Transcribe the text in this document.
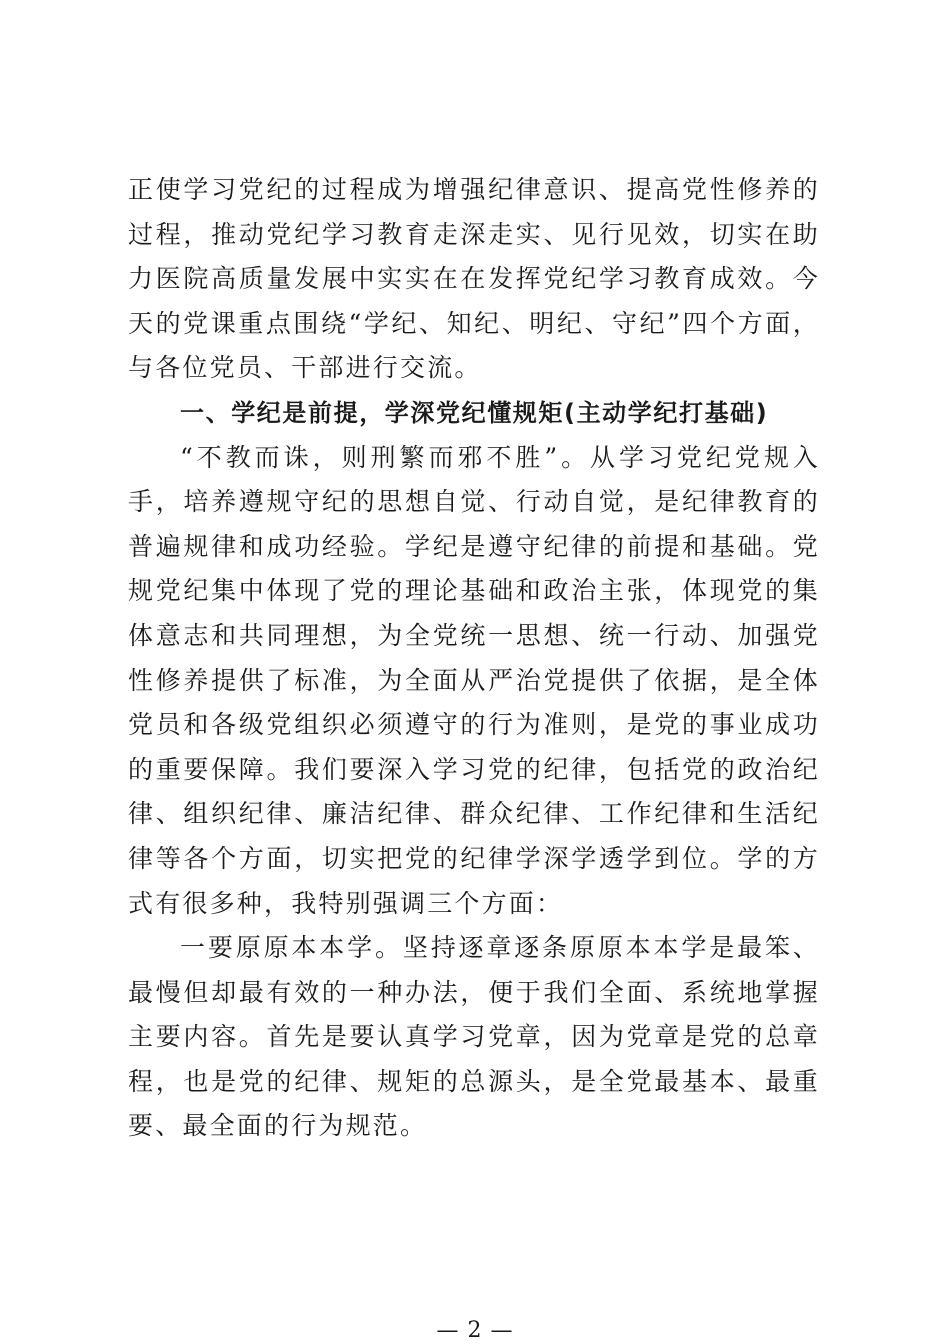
正使学习党纪的过程成为增强纪律意识、提高党性修养的过程，推动党纪学习教育走深走实、见行见效，切实在助力医院高质量发展中实实在在发挥党纪学习教育成效。今天的党课重点围绕“学纪、知纪、明纪、守纪”四个方面，与各位党员、干部进行交流。

一、学纪是前提，学深党纪懂规矩(主动学纪打基础)

“不教而诛，则刑繁而邪不胜”。从学习党纪党规入手，培养遵规守纪的思想自觉、行动自觉，是纪律教育的普遍规律和成功经验。学纪是遵守纪律的前提和基础。党规党纪集中体现了党的理论基础和政治主张，体现党的集体意志和共同理想，为全党统一思想、统一行动、加强党性修养提供了标准，为全面从严治党提供了依据，是全体党员和各级党组织必须遵守的行为准则，是党的事业成功的重要保障。我们要深入学习党的纪律，包括党的政治纪律、组织纪律、廉洁纪律、群众纪律、工作纪律和生活纪律等各个方面，切实把党的纪律学深学透学到位。学的方式有很多种，我特别强调三个方面：

一要原原本本学。坚持逐章逐条原原本本学是最笨、最慢但却最有效的一种办法，便于我们全面、系统地掌握主要内容。首先是要认真学习党章，因为党章是党的总章程，也是党的纪律、规矩的总源头，是全党最基本、最重要、最全面的行为规范。

— 2 —
